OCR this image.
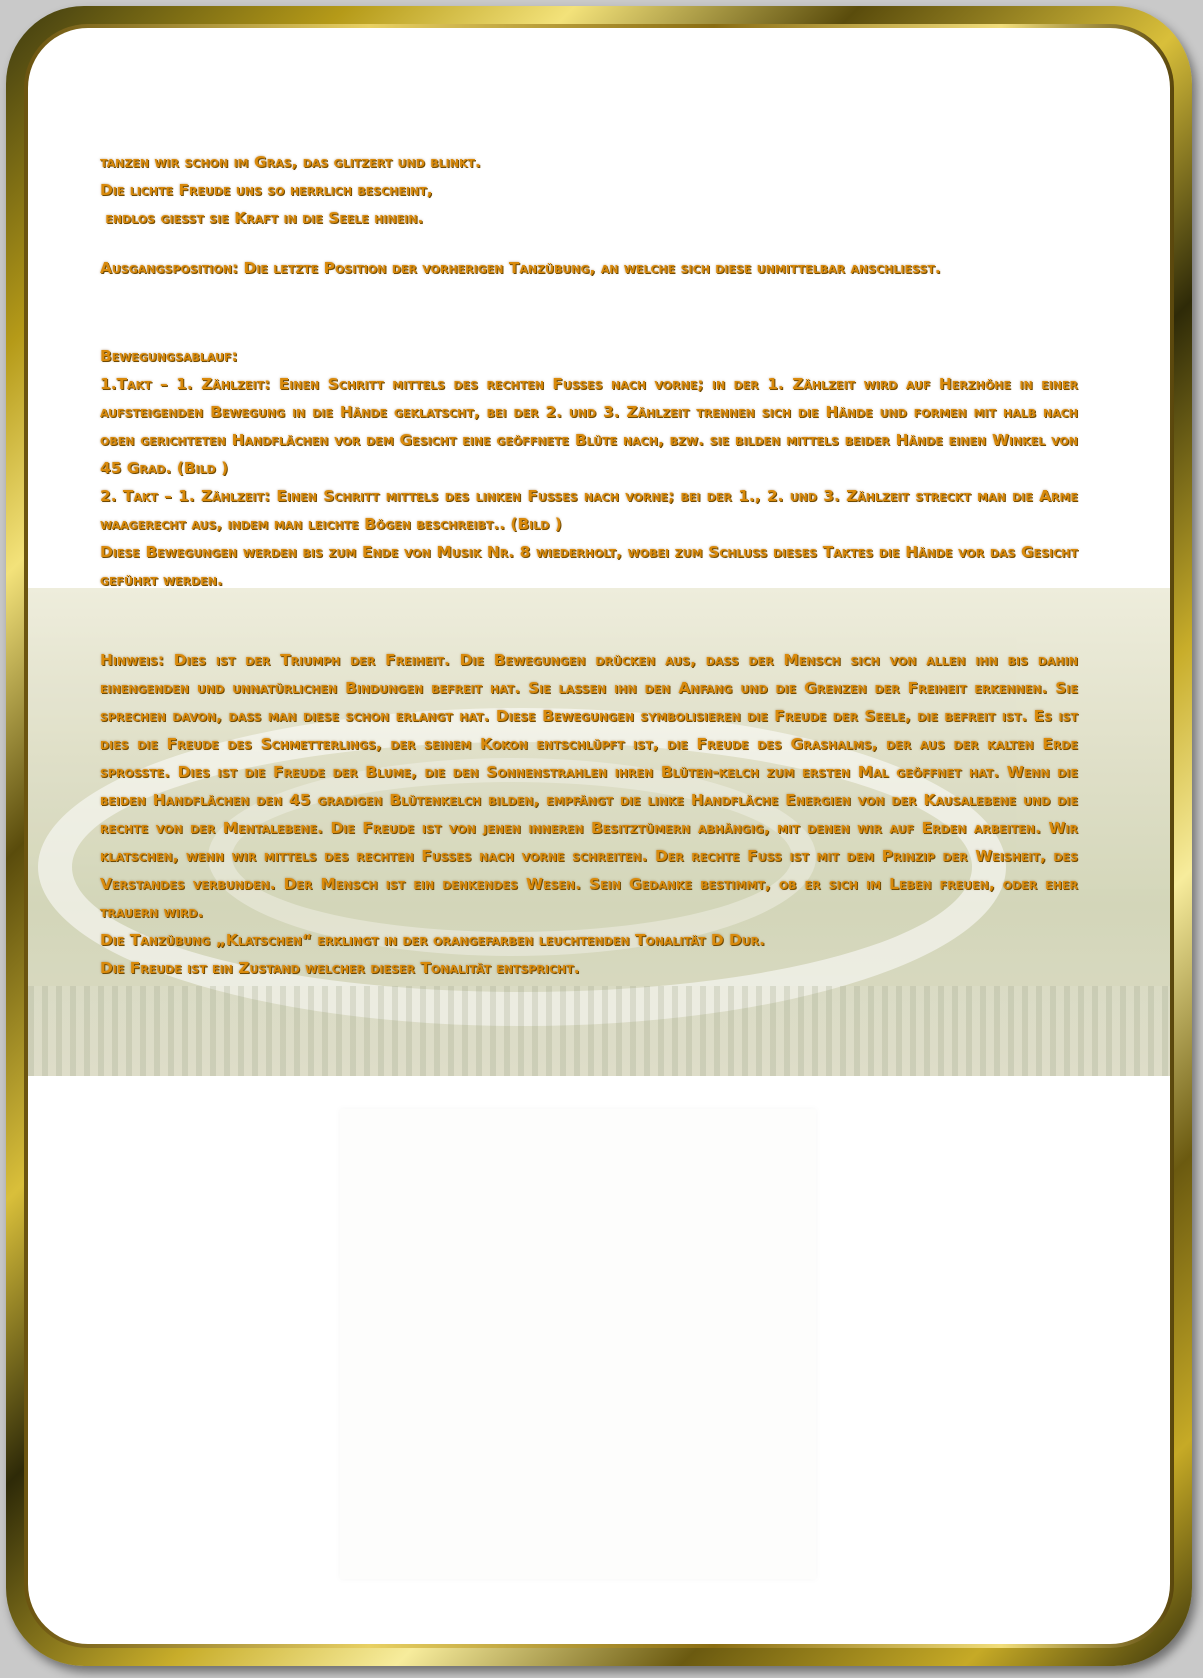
tanzen wir schon im Gras, das glitzert und blinkt.
Die lichte Freude uns so herrlich bescheint,
endlos giesst sie Kraft in die Seele hinein.

Ausgangsposition: Die letzte Position der vorherigen Tanzübung, an welche sich diese unmittelbar anschliesst.

Bewegungsablauf:

1.Takt – 1. Zählzeit: Einen Schritt mittels des rechten Fusses nach vorne; in der 1. Zählzeit wird auf Herzhöhe in einer aufsteigenden Bewegung in die Hände geklatscht, bei der 2. und 3. Zählzeit trennen sich die Hände und formen mit halb nach oben gerichteten Handflächen vor dem Gesicht eine geöffnete Blüte nach, bzw. sie bilden mittels beider Hände einen Winkel von 45 Grad. (Bild )

2. Takt – 1. Zählzeit: Einen Schritt mittels des linken Fusses nach vorne; bei der 1., 2. und 3. Zählzeit streckt man die Arme waagerecht aus, indem man leichte Bögen beschreibt.. (Bild )

Diese Bewegungen werden bis zum Ende von Musik Nr. 8 wiederholt, wobei zum Schluss dieses Taktes die Hände vor das Gesicht geführt werden.

Hinweis: Dies ist der Triumph der Freiheit. Die Bewegungen drücken aus, dass der Mensch sich von allen ihn bis dahin einengenden und unnatürlichen Bindungen befreit hat. Sie lassen ihn den Anfang und die Grenzen der Freiheit erkennen. Sie sprechen davon, dass man diese schon erlangt hat. Diese Bewegungen symbolisieren die Freude der Seele, die befreit ist. Es ist dies die Freude des Schmetterlings, der seinem Kokon entschlüpft ist, die Freude des Grashalms, der aus der kalten Erde sprosste. Dies ist die Freude der Blume, die den Sonnenstrahlen ihren Blüten-kelch zum ersten Mal geöffnet hat. Wenn die beiden Handflächen den 45 gradigen Blütenkelch bilden, empfängt die linke Handfläche Energien von der Kausalebene und die rechte von der Mentalebene. Die Freude ist von jenen inneren Besitztümern abhängig, mit denen wir auf Erden arbeiten. Wir klatschen, wenn wir mittels des rechten Fusses nach vorne schreiten. Der rechte Fuss ist mit dem Prinzip der Weisheit, des Verstandes verbunden. Der Mensch ist ein denkendes Wesen. Sein Gedanke bestimmt, ob er sich im Leben freuen, oder eher trauern wird.

Die Tanzübung „Klatschen“ erklingt in der orangefarben leuchtenden Tonalität D Dur.

Die Freude ist ein Zustand welcher dieser Tonalität entspricht.
